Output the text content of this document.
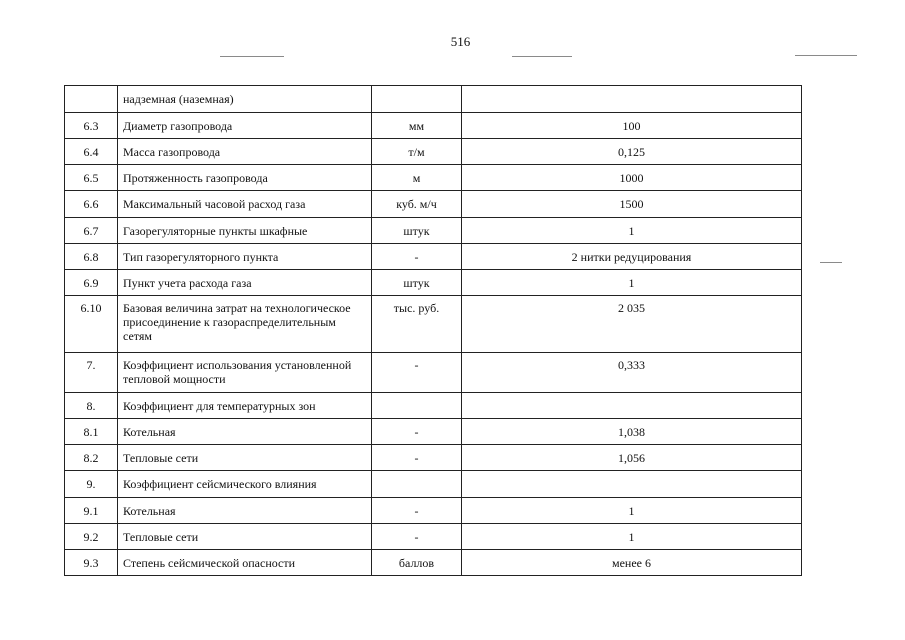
516
	надземная (наземная)		
6.3	Диаметр газопровода	мм	100
6.4	Масса газопровода	т/м	0,125
6.5	Протяженность газопровода	м	1000
6.6	Максимальный часовой расход газа	куб. м/ч	1500
6.7	Газорегуляторные пункты шкафные	штук	1
6.8	Тип газорегуляторного пункта	-	2 нитки редуцирования
6.9	Пункт учета расхода газа	штук	1
6.10	Базовая величина затрат на технологическое присоединение к газораспределительным сетям	тыс. руб.	2 035
7.	Коэффициент использования установленной тепловой мощности	-	0,333
8.	Коэффициент для температурных зон		
8.1	Котельная	-	1,038
8.2	Тепловые сети	-	1,056
9.	Коэффициент сейсмического влияния		
9.1	Котельная	-	1
9.2	Тепловые сети	-	1
9.3	Степень сейсмической опасности	баллов	менее 6
